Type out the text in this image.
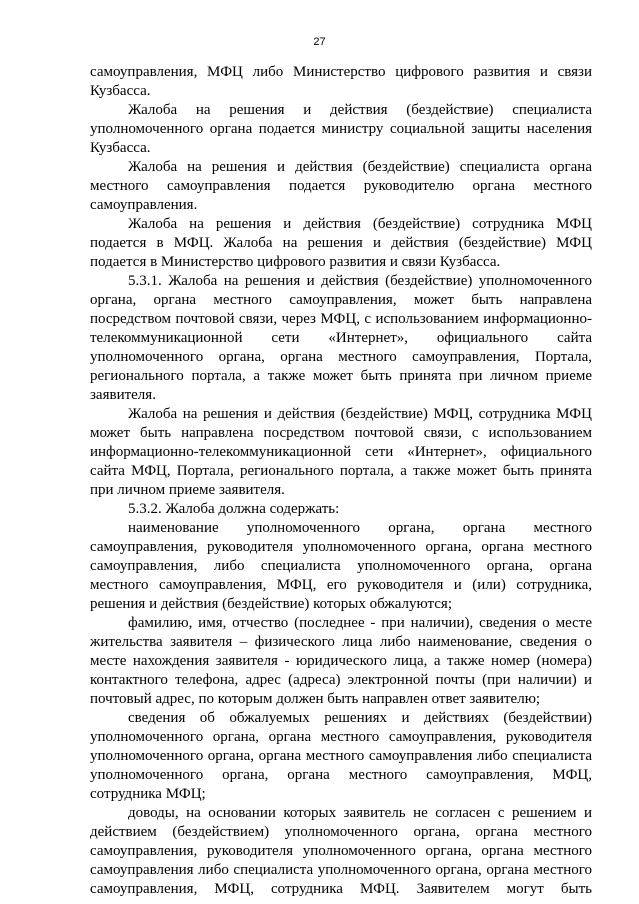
27
самоуправления, МФЦ либо Министерство цифрового развития и связи
Кузбасса.
Жалоба на решения и действия (бездействие) специалиста
уполномоченного органа подается министру социальной защиты населения
Кузбасса.
Жалоба на решения и действия (бездействие) специалиста органа
местного самоуправления подается руководителю органа местного
самоуправления.
Жалоба на решения и действия (бездействие) сотрудника МФЦ
подается в МФЦ. Жалоба на решения и действия (бездействие) МФЦ
подается в Министерство цифрового развития и связи Кузбасса.
5.3.1. Жалоба на решения и действия (бездействие) уполномоченного
органа, органа местного самоуправления, может быть направлена
посредством почтовой связи, через МФЦ, с использованием информационно-
телекоммуникационной сети «Интернет», официального сайта
уполномоченного органа, органа местного самоуправления, Портала,
регионального портала, а также может быть принята при личном приеме
заявителя.
Жалоба на решения и действия (бездействие) МФЦ, сотрудника МФЦ
может быть направлена посредством почтовой связи, с использованием
информационно-телекоммуникационной сети «Интернет», официального
сайта МФЦ, Портала, регионального портала, а также может быть принята
при личном приеме заявителя.
5.3.2. Жалоба должна содержать:
наименование уполномоченного органа, органа местного
самоуправления, руководителя уполномоченного органа, органа местного
самоуправления, либо специалиста уполномоченного органа, органа
местного самоуправления, МФЦ, его руководителя и (или) сотрудника,
решения и действия (бездействие) которых обжалуются;
фамилию, имя, отчество (последнее - при наличии), сведения о месте
жительства заявителя – физического лица либо наименование, сведения о
месте нахождения заявителя - юридического лица, а также номер (номера)
контактного телефона, адрес (адреса) электронной почты (при наличии) и
почтовый адрес, по которым должен быть направлен ответ заявителю;
сведения об обжалуемых решениях и действиях (бездействии)
уполномоченного органа, органа местного самоуправления, руководителя
уполномоченного органа, органа местного самоуправления либо специалиста
уполномоченного органа, органа местного самоуправления, МФЦ,
сотрудника МФЦ;
доводы, на основании которых заявитель не согласен с решением и
действием (бездействием) уполномоченного органа, органа местного
самоуправления, руководителя уполномоченного органа, органа местного
самоуправления либо специалиста уполномоченного органа, органа местного
самоуправления, МФЦ, сотрудника МФЦ. Заявителем могут быть
